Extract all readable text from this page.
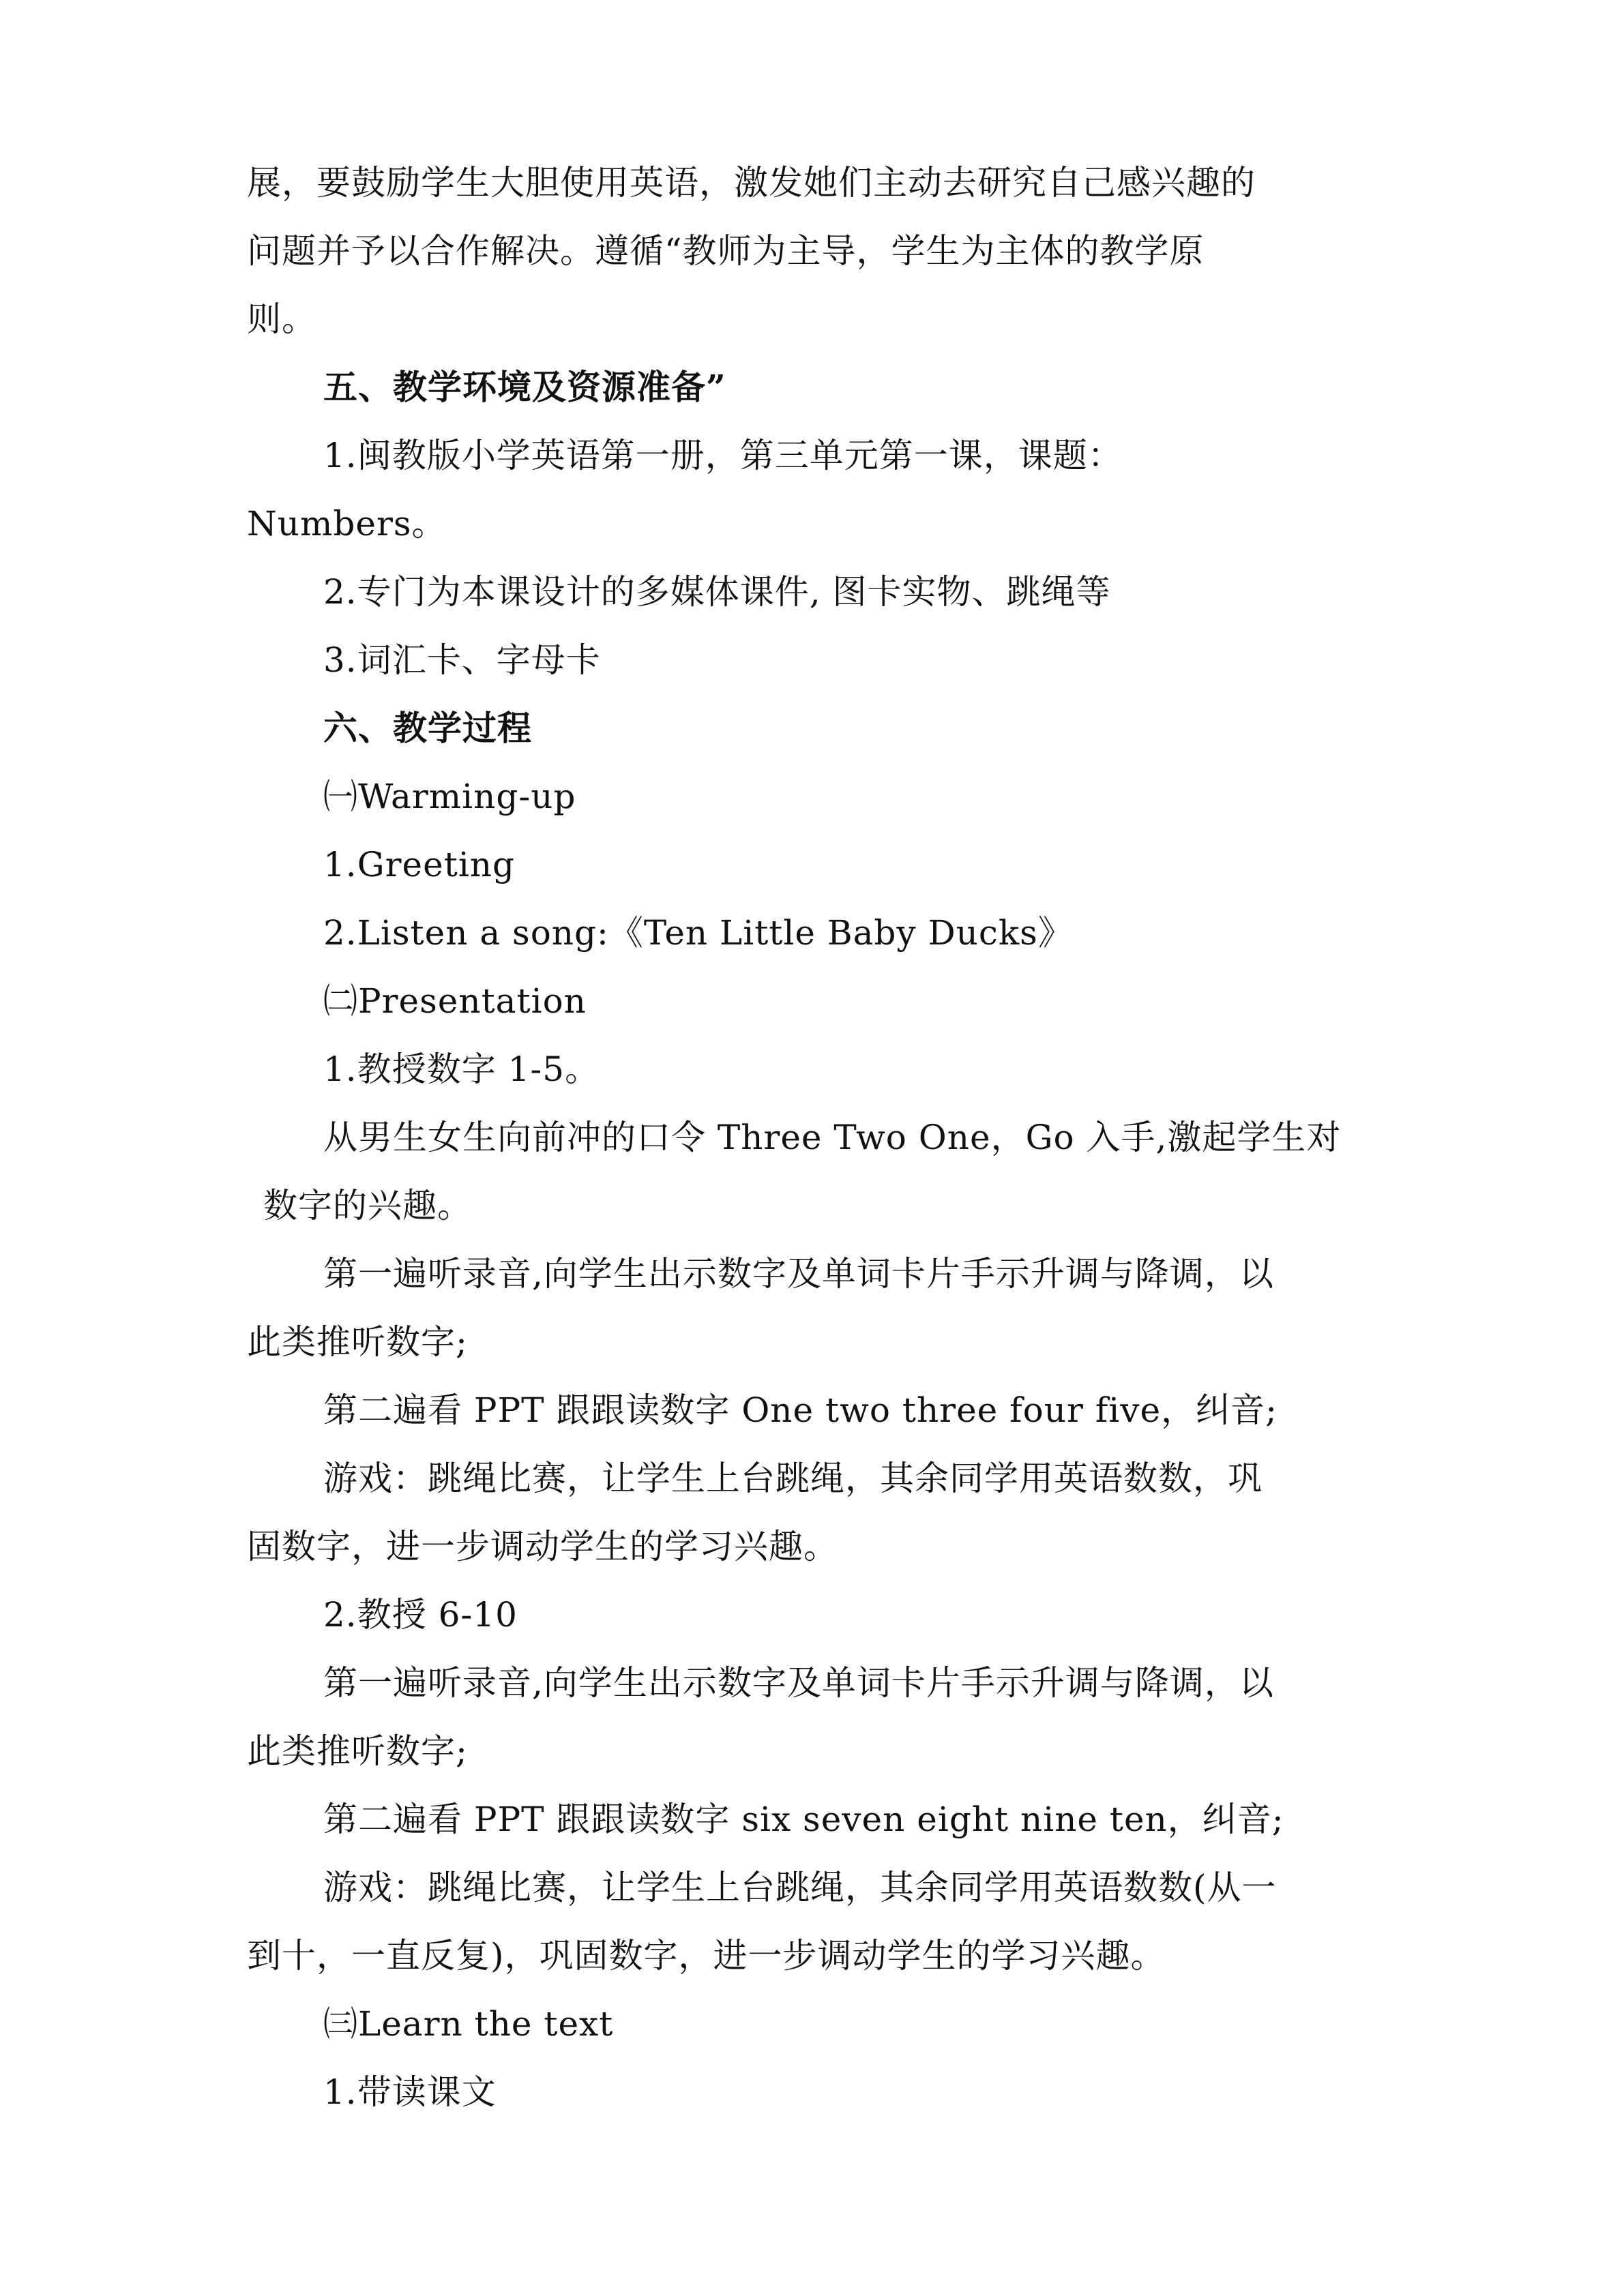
展，要鼓励学生大胆使用英语，激发她们主动去研究自己感兴趣的
问题并予以合作解决。遵循“教师为主导，学生为主体的教学原
则。
五、教学环境及资源准备”
1.闽教版小学英语第一册，第三单元第一课，课题：
Numbers。
2.专门为本课设计的多媒体课件, 图卡实物、跳绳等
3.词汇卡、字母卡
六、教学过程
㈠Warming-up
1.Greeting
2.Listen a song:《Ten Little Baby Ducks》
㈡Presentation
1.教授数字 1-5。
从男生女生向前冲的口令 Three Two One，Go 入手,激起学生对
数字的兴趣。
第一遍听录音,向学生出示数字及单词卡片手示升调与降调，以
此类推听数字;
第二遍看 PPT 跟跟读数字 One two three four five，纠音;
游戏：跳绳比赛，让学生上台跳绳，其余同学用英语数数，巩
固数字，进一步调动学生的学习兴趣。
2.教授 6-10
第一遍听录音,向学生出示数字及单词卡片手示升调与降调，以
此类推听数字;
第二遍看 PPT 跟跟读数字 six seven eight nine ten，纠音;
游戏：跳绳比赛，让学生上台跳绳，其余同学用英语数数(从一
到十，一直反复)，巩固数字，进一步调动学生的学习兴趣。
㈢Learn the text
1.带读课文
